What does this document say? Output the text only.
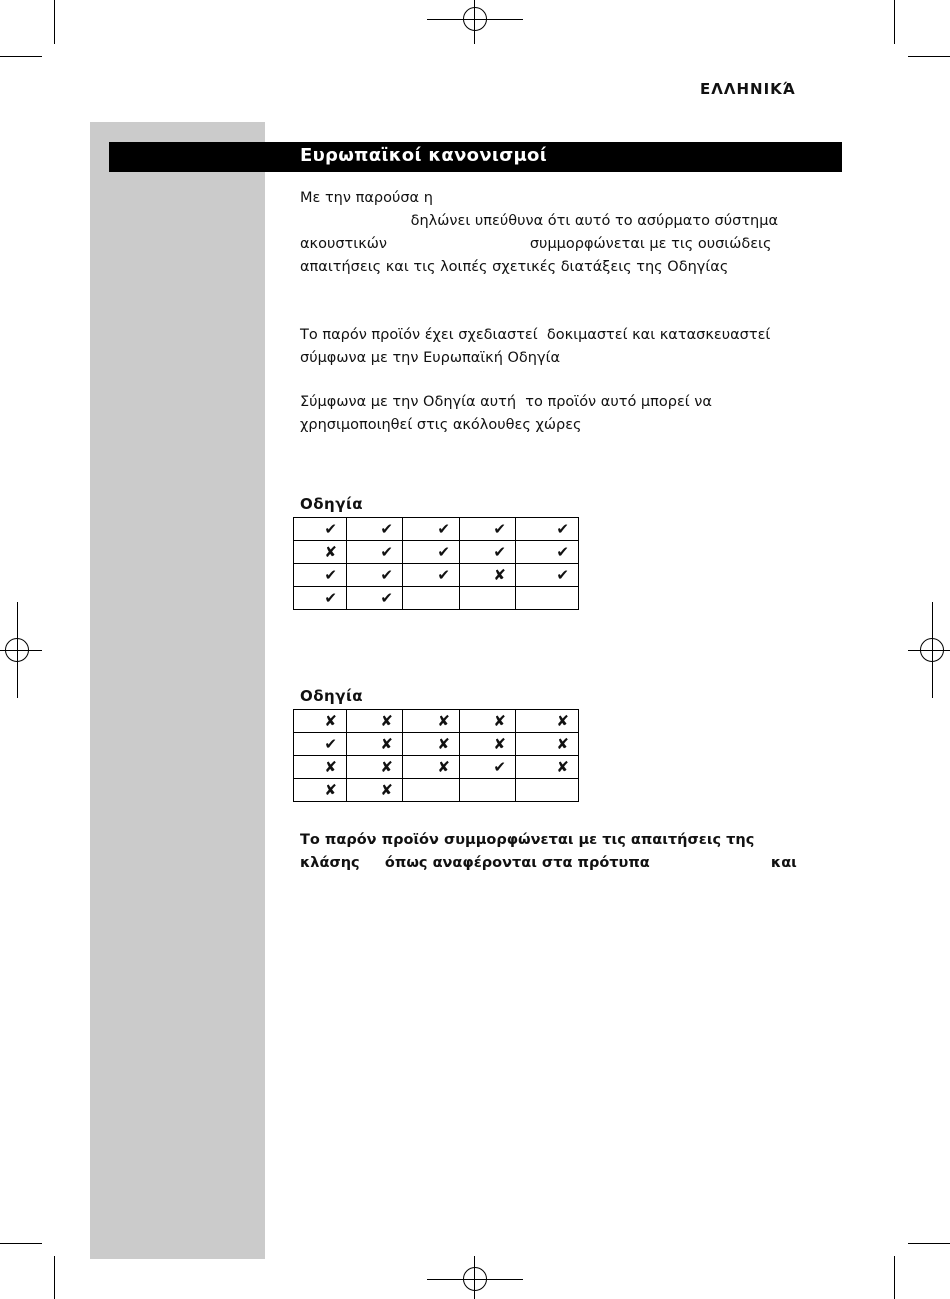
ΕΛΛΗΝΙΚΆ
Ευρωπαϊκοί κανονισμοί
Με την παρούσα η
δηλώνει υπεύθυνα ότι αυτό το ασύρματο σύστημα
ακουστικών                               συμμορφώνεται με τις ουσιώδεις
απαιτήσεις και τις λοιπές σχετικές διατάξεις της Οδηγίας
Το παρόν προϊόν έχει σχεδιαστεί  δοκιμαστεί και κατασκευαστεί
σύμφωνα με την Ευρωπαϊκή Οδηγία
Σύμφωνα με την Οδηγία αυτή  το προϊόν αυτό μπορεί να
χρησιμοποιηθεί στις ακόλουθες χώρες
Οδηγία
✔	✔	✔	✔	✔
✘	✔	✔	✔	✔
✔	✔	✔	✘	✔
✔	✔			
Οδηγία
✘	✘	✘	✘	✘
✔	✘	✘	✘	✘
✘	✘	✘	✔	✘
✘	✘			
Το παρόν προϊόν συμμορφώνεται με τις απαιτήσεις της
κλάσης     όπως αναφέρονται στα πρότυπα                        και
